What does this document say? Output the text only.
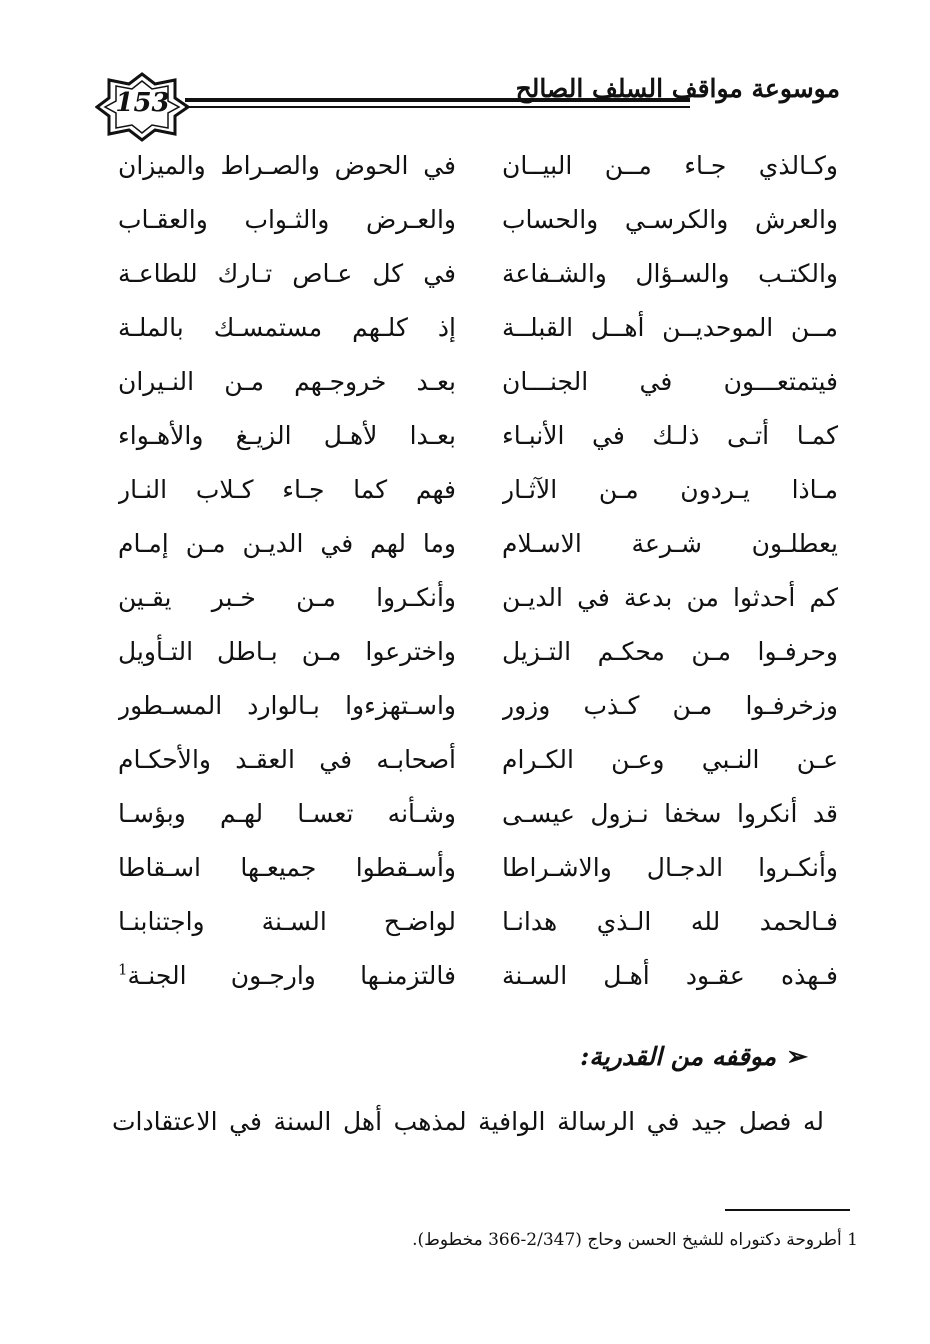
153	موسوعة مواقف السلف الصالح
وكـالذي جـاء مــن البيــان
في الحوض والصـراط والميزان
والعرش والكرسـي والحساب
والعـرض والثـواب والعقـاب
والكتـب والسـؤال والشـفاعة
في كل عـاص تـارك للطاعـة
مــن الموحديــن أهــل القبلــة
إذ كلـهم مستمسـك بالملـة
فيتمتعـــون في الجنـــان
بعـد خروجـهم مـن النـيران
كمـا أتـى ذلـك في الأنبـاء
بعـدا لأهـل الزيـغ والأهـواء
مـاذا يـردون مـن الآثـار
فهم كما جـاء كـلاب النـار
يعطلـون شـرعة الاسـلام
وما لهم في الديـن مـن إمـام
كم أحدثوا من بدعة في الديـن
وأنكـروا مـن خـبر يقـين
وحرفـوا مـن محكـم التـزيل
واخترعوا مـن بـاطل التـأويل
وزخرفـوا مـن كـذب وزور
واسـتهزءوا بـالوارد المسـطور
عـن النـبي وعـن الكـرام
أصحابـه في العقـد والأحكـام
قد أنكروا سخفا نـزول عيسـى
وشـأنه تعسـا لهـم وبؤسـا
وأنكـروا الدجـال والاشـراطا
وأسـقطوا جميعـها اسـقاطا
فـالحمد لله الـذي هدانـا
لواضـح السـنة واجتنابنـا
فـهذه عقـود أهـل السـنة
فالتزمنـها وارجـون الجنـة$^1$
➢موقفه من القدرية:
له فصل جيد في الرسالة الوافية لمذهب أهل السنة في الاعتقادات
1 أطروحة دكتوراه للشيخ الحسن وحاج (2/347-366 مخطوط).
